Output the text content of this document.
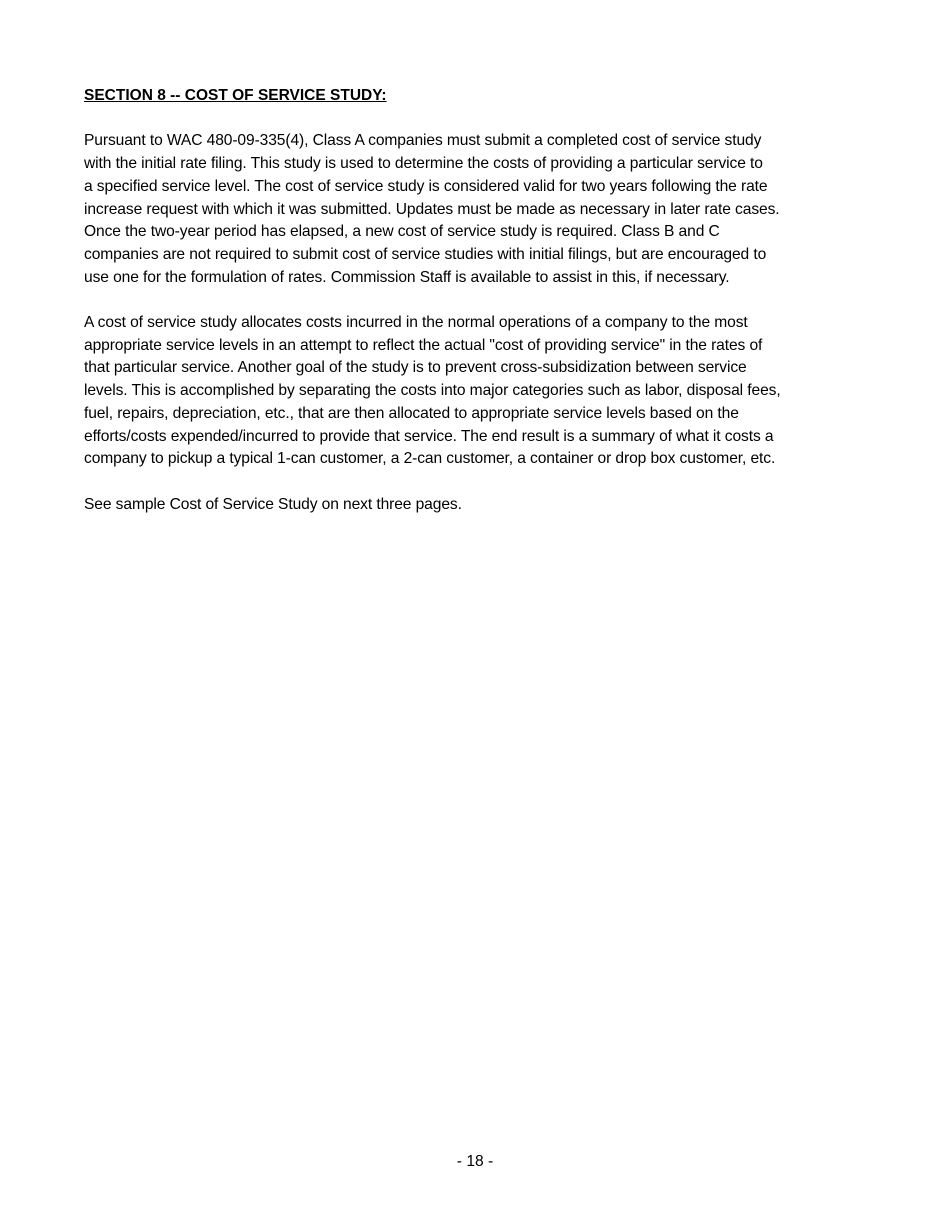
SECTION 8 -- COST OF SERVICE STUDY:
Pursuant to WAC 480-09-335(4), Class A companies must submit a completed cost of service study
with the initial rate filing. This study is used to determine the costs of providing a particular service to
a specified service level. The cost of service study is considered valid for two years following the rate
increase request with which it was submitted. Updates must be made as necessary in later rate cases.
Once the two-year period has elapsed, a new cost of service study is required. Class B and C
companies are not required to submit cost of service studies with initial filings, but are encouraged to
use one for the formulation of rates. Commission Staff is available to assist in this, if necessary.
A cost of service study allocates costs incurred in the normal operations of a company to the most
appropriate service levels in an attempt to reflect the actual "cost of providing service" in the rates of
that particular service. Another goal of the study is to prevent cross-subsidization between service
levels. This is accomplished by separating the costs into major categories such as labor, disposal fees,
fuel, repairs, depreciation, etc., that are then allocated to appropriate service levels based on the
efforts/costs expended/incurred to provide that service. The end result is a summary of what it costs a
company to pickup a typical 1-can customer, a 2-can customer, a container or drop box customer, etc.
See sample Cost of Service Study on next three pages.
- 18 -
